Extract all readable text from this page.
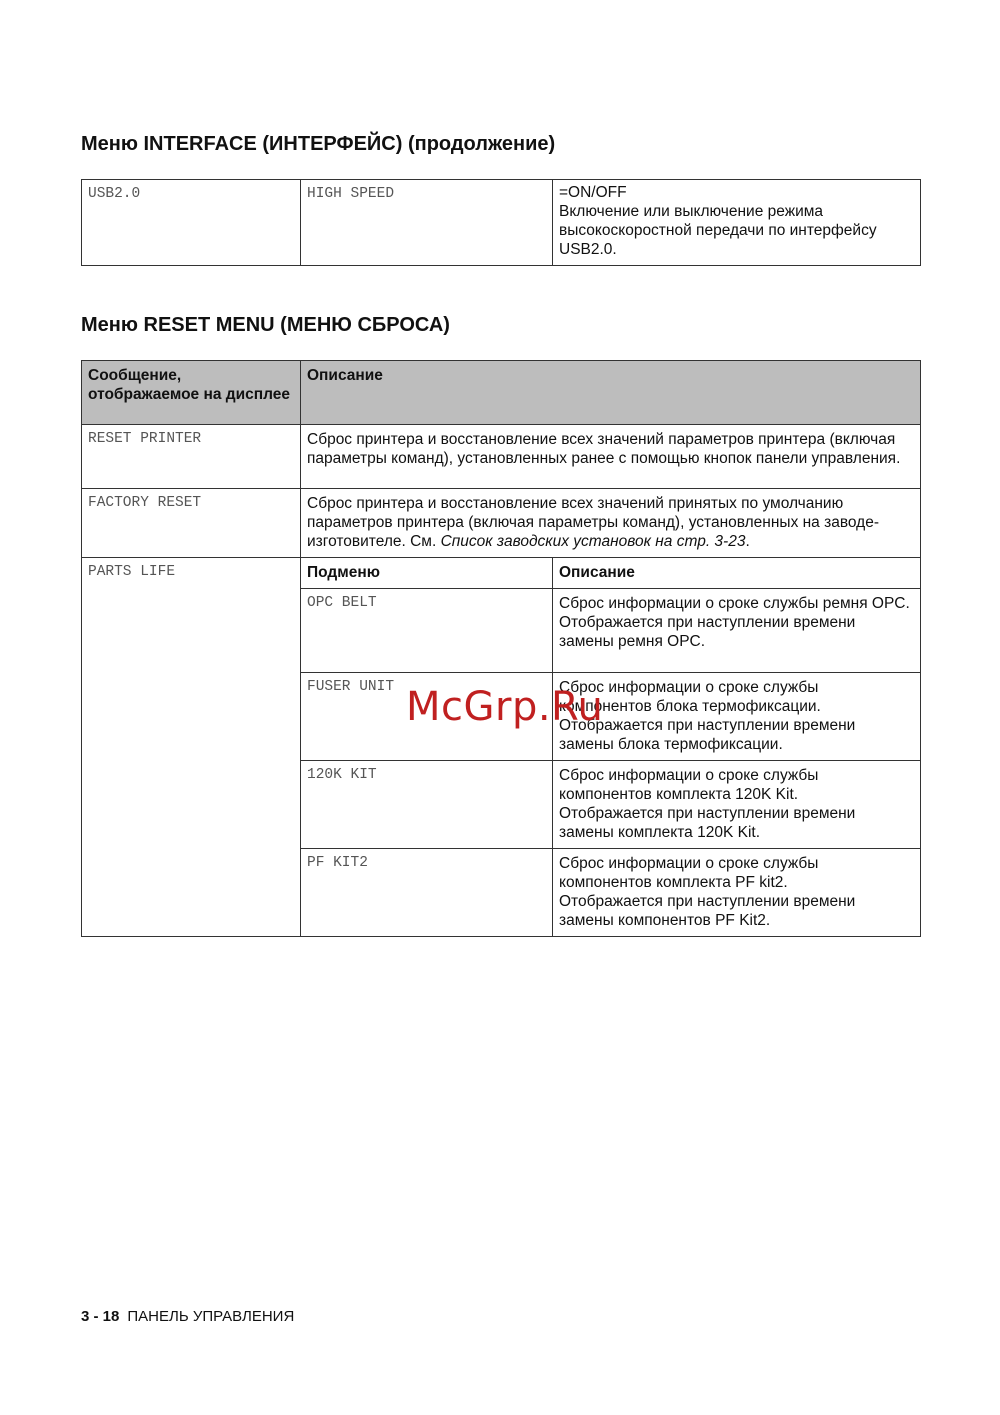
Меню INTERFACE (ИНТЕРФЕЙС) (продолжение)
USB2.0	HIGH SPEED	=ON/OFF
Включение или выключение режима высокоскоростной передачи по интерфейсу USB2.0.
Меню RESET MENU (МЕНЮ СБРОСА)
Сообщение, отображаемое на дисплее	Описание	
RESET PRINTER	Сброс принтера и восстановление всех значений параметров принтера (включая параметры команд), установленных ранее с помощью кнопок панели управления.	
FACTORY RESET	Сброс принтера и восстановление всех значений принятых по умолчанию параметров принтера (включая параметры команд), установленных на заводе-изготовителе. См. Список заводских установок на стр. 3-23.	
PARTS LIFE	Подменю	Описание
	OPC BELT	Сброс информации о сроке службы ремня OPC.
Отображается при наступлении времени замены ремня OPC.

	FUSER UNIT	Сброс информации о сроке службы компонентов блока термофиксации.
Отображается при наступлении времени замены блока термофиксации.

	120K KIT	Сброс информации о сроке службы компонентов комплекта 120K Kit.
Отображается при наступлении времени замены комплекта 120K Kit.

	PF KIT2	Сброс информации о сроке службы компонентов комплекта PF kit2.
Отображается при наступлении времени замены компонентов PF Kit2.
McGrp.Ru
3 - 18 ПАНЕЛЬ УПРАВЛЕНИЯ
